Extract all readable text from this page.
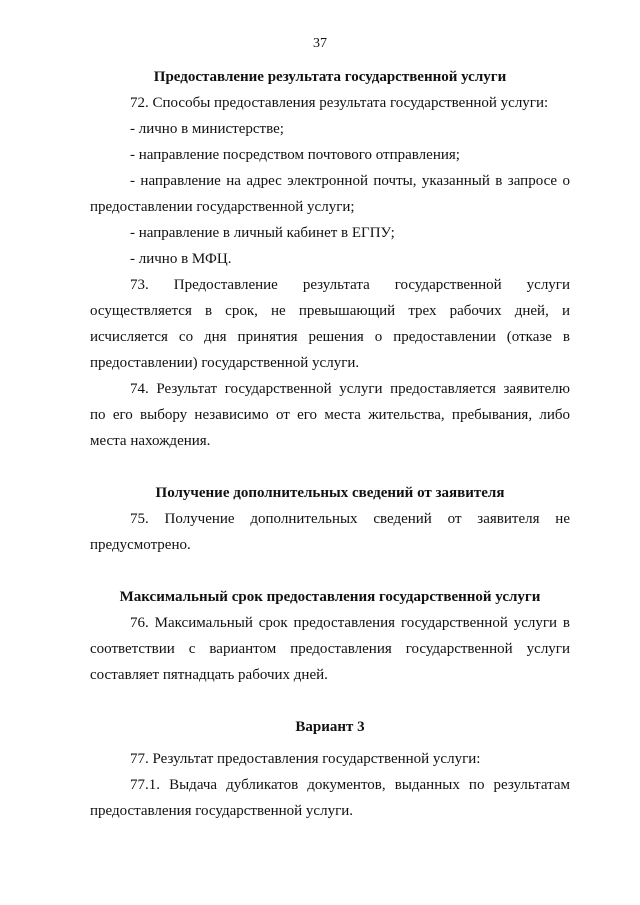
37

Предоставление результата государственной услуги

72. Способы предоставления результата государственной услуги:

- лично в министерстве;

- направление посредством почтового отправления;

- направление на адрес электронной почты, указанный в запросе о предоставлении государственной услуги;

- направление в личный кабинет в ЕГПУ;

- лично в МФЦ.

73. Предоставление результата государственной услуги осуществляется в срок, не превышающий трех рабочих дней, и исчисляется со дня принятия решения о предоставлении (отказе в предоставлении) государственной услуги.

74. Результат государственной услуги предоставляется заявителю по его выбору независимо от его места жительства, пребывания, либо места нахождения.

Получение дополнительных сведений от заявителя

75. Получение дополнительных сведений от заявителя не предусмотрено.

Максимальный срок предоставления государственной услуги

76. Максимальный срок предоставления государственной услуги в соответствии с вариантом предоставления государственной услуги составляет пятнадцать рабочих дней.

Вариант 3

77. Результат предоставления государственной услуги:

77.1. Выдача дубликатов документов, выданных по результатам предоставления государственной услуги.
